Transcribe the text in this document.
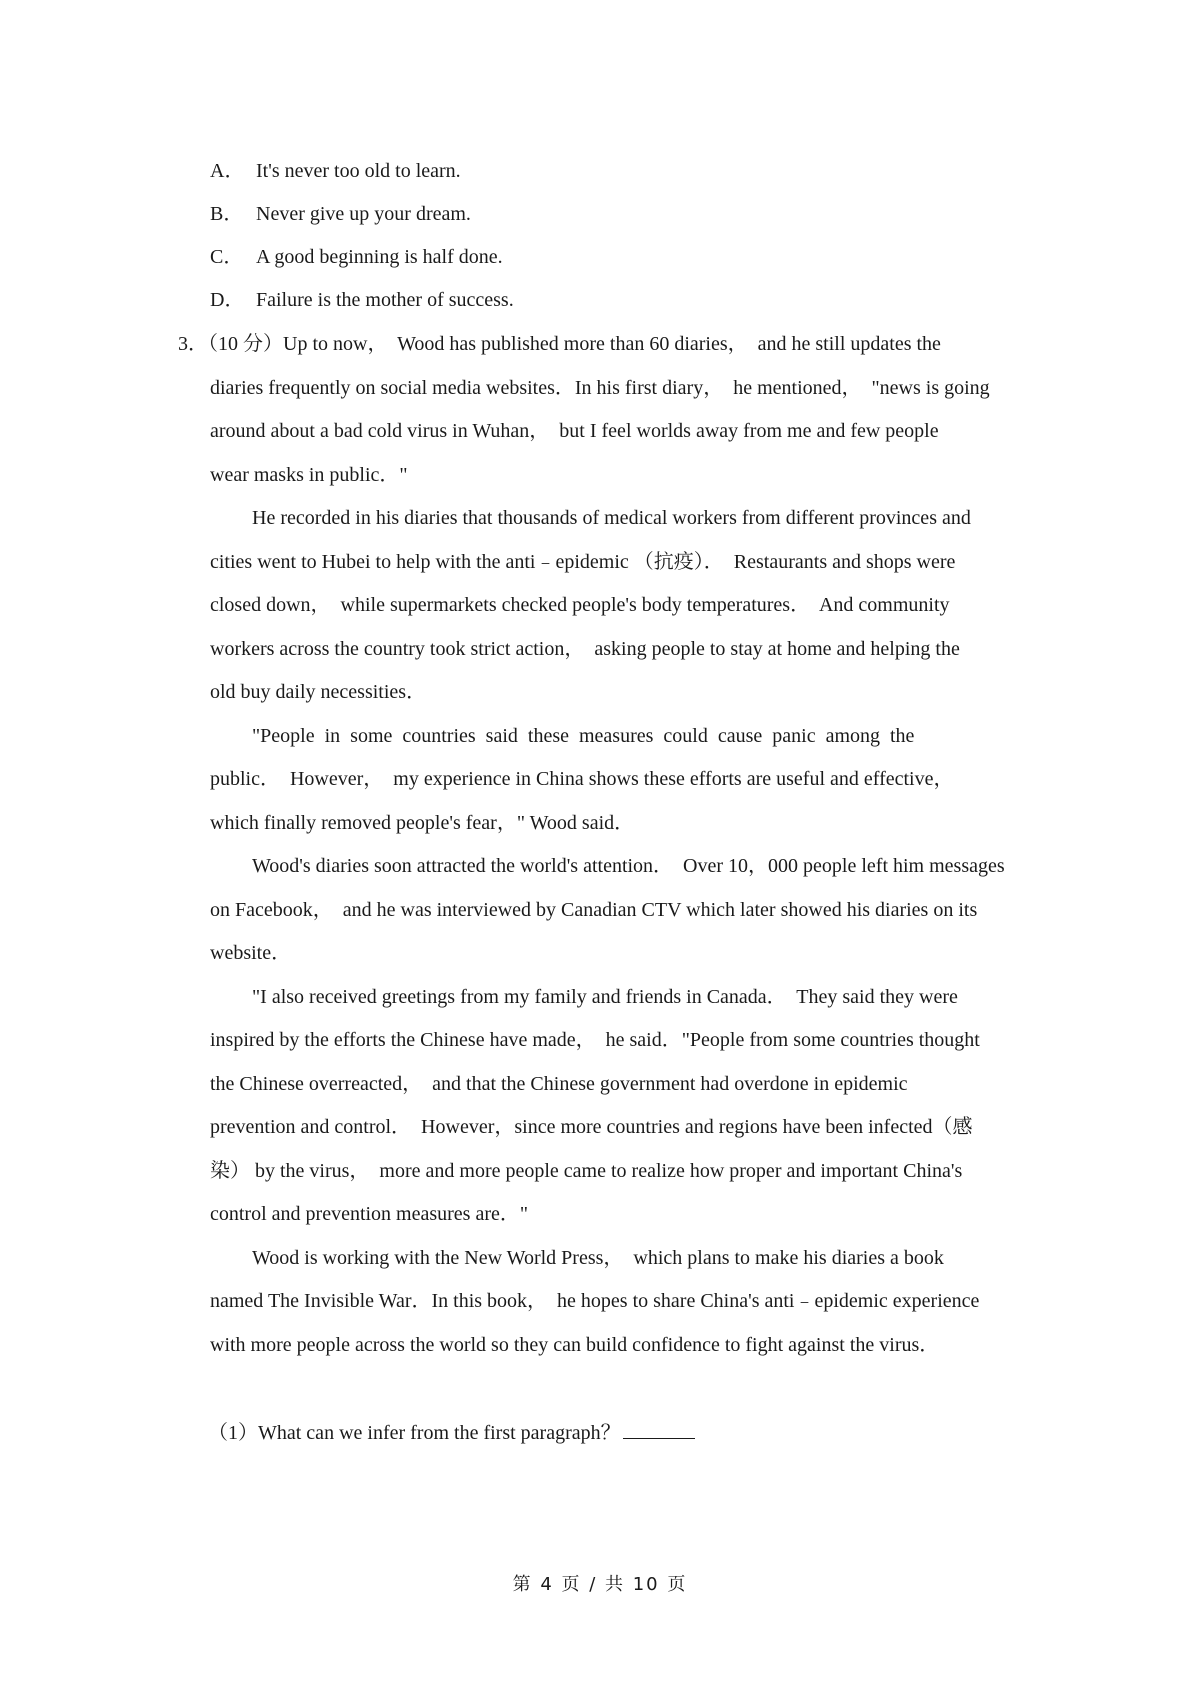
A． It's never too old to learn.
B． Never give up your dream.
C． A good beginning is half done.
D． Failure is the mother of success.
3．（10 分）Up to now，  Wood has published more than 60 diaries，  and he still updates the
diaries frequently on social media websites．In his first diary，  he mentioned，  "news is going
around about a bad cold virus in Wuhan，  but I feel worlds away from me and few people
wear masks in public．"
He recorded in his diaries that thousands of medical workers from different provinces and
cities went to Hubei to help with the anti﹣epidemic （抗疫）．  Restaurants and shops were
closed down，  while supermarkets checked people's body temperatures．  And community
workers across the country took strict action，  asking people to stay at home and helping the
old buy daily necessities．
"People  in  some  countries  said  these  measures  could  cause  panic  among  the
public．  However，  my experience in China shows these efforts are useful and effective，
which finally removed people's fear，" Wood said．
Wood's diaries soon attracted the world's attention．  Over 10，000 people left him messages
on Facebook，  and he was interviewed by Canadian CTV which later showed his diaries on its
website．
"I also received greetings from my family and friends in Canada．  They said they were
inspired by the efforts the Chinese have made，  he said．"People from some countries thought
the Chinese overreacted，  and that the Chinese government had overdone in epidemic
prevention and control．  However，since more countries and regions have been infected（感
染） by the virus，  more and more people came to realize how proper and important China's
control and prevention measures are．"
Wood is working with the New World Press，  which plans to make his diaries a book
named The Invisible War．In this book，  he hopes to share China's anti﹣epidemic experience
with more people across the world so they can build confidence to fight against the virus．
（1）What can we infer from the first paragraph？
第 4 页 / 共 10 页
